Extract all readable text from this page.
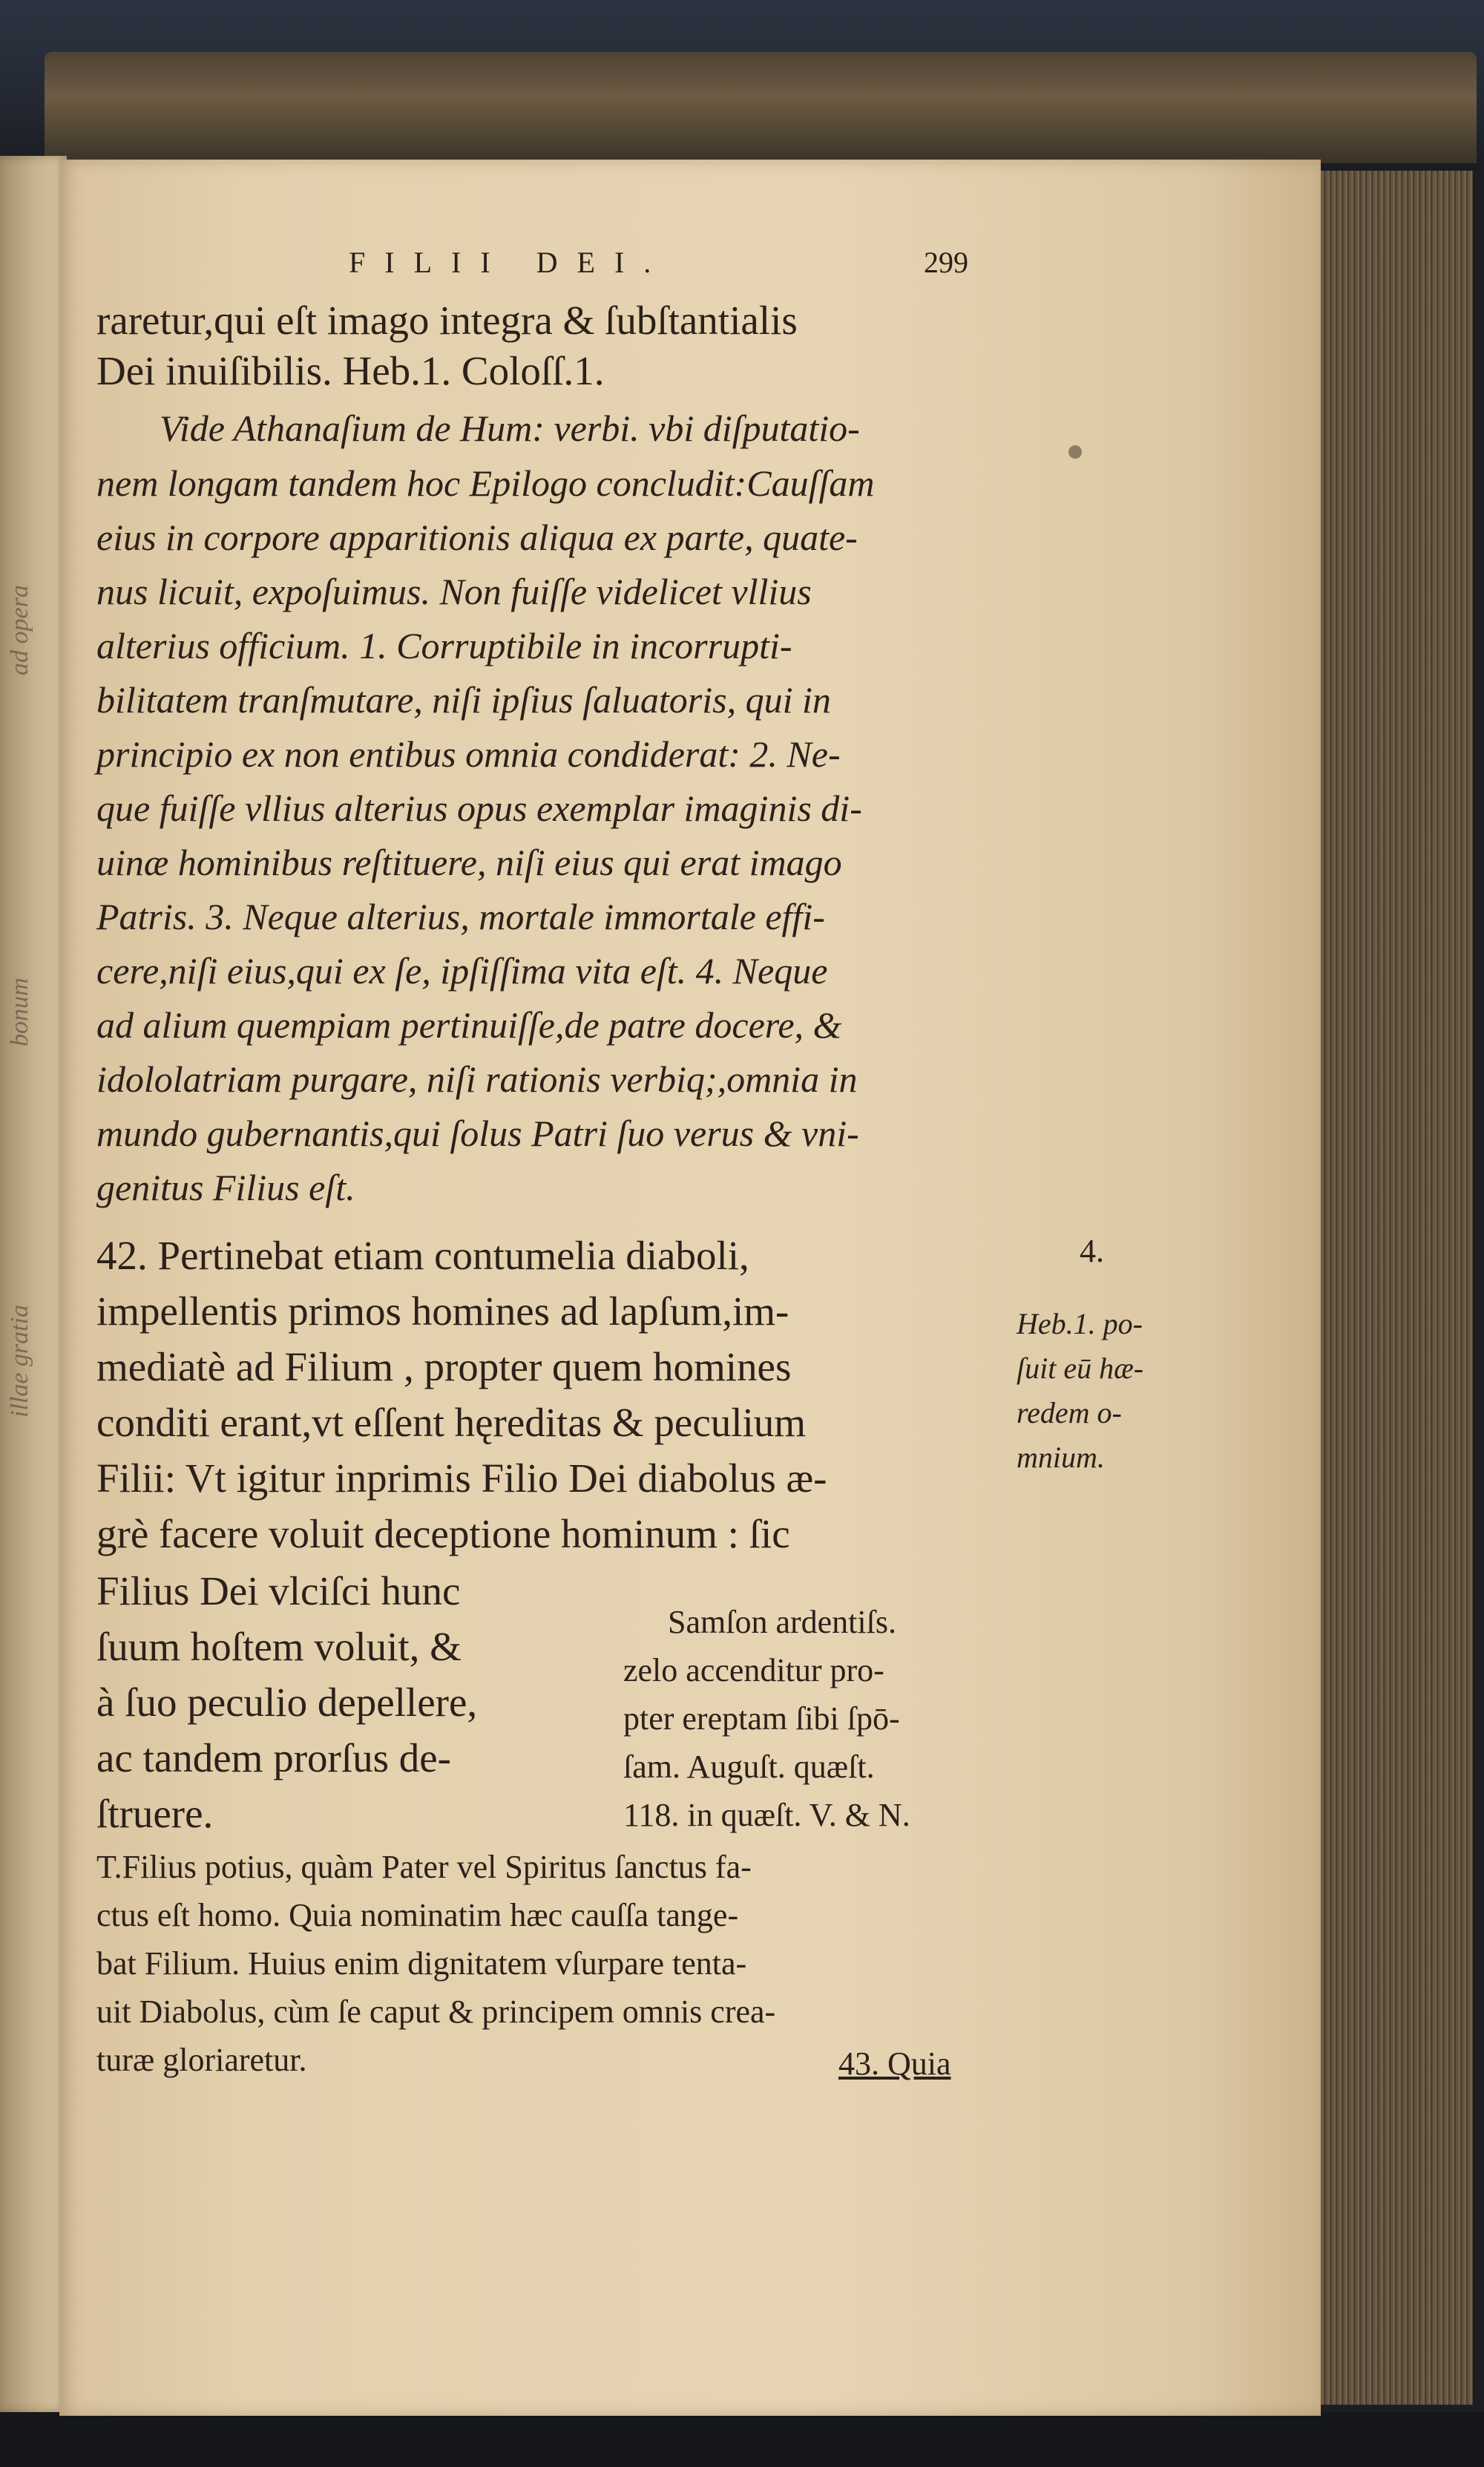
ad opera
bonum
illae gratia
FILII DEI.	299
raretur,qui eſt imago integra & ſubſtantialis
Dei inuiſibilis. Heb.1. Coloſſ.1.
Vide Athanaſium de Hum: verbi. vbi diſputatio-
nem longam tandem hoc Epilogo concludit:Cauſſam
eius in corpore apparitionis aliqua ex parte, quate-
nus licuit, expoſuimus. Non fuiſſe videlicet vllius
alterius officium. 1. Corruptibile in incorrupti-
bilitatem tranſmutare, niſi ipſius ſaluatoris, qui in
principio ex non entibus omnia condiderat: 2. Ne-
que fuiſſe vllius alterius opus exemplar imaginis di-
uinæ hominibus reſtituere, niſi eius qui erat imago
Patris. 3. Neque alterius, mortale immortale effi-
cere,niſi eius,qui ex ſe, ipſiſſima vita eſt. 4. Neque
ad alium quempiam pertinuiſſe,de patre docere, &
idololatriam purgare, niſi rationis verbiq;,omnia in
mundo gubernantis,qui ſolus Patri ſuo verus & vni-
genitus Filius eſt.
42. Pertinebat etiam contumelia diaboli,
impellentis primos homines ad lapſum,im-
mediatè ad Filium , propter quem homines
conditi erant,vt eſſent hęreditas & peculium
Filii: Vt igitur inprimis Filio Dei diabolus æ-
grè facere voluit deceptione hominum : ſic
Filius Dei vlciſci hunc
ſuum hoſtem voluit, &
à ſuo peculio depellere,
ac tandem prorſus de-
ſtruere.
Samſon ardentiſs.
zelo accenditur pro-
pter ereptam ſibi ſpō-
ſam. Auguſt. quæſt.
118. in quæſt. V. & N.
T.Filius potius, quàm Pater vel Spiritus ſanctus fa-
ctus eſt homo. Quia nominatim hæc cauſſa tange-
bat Filium. Huius enim dignitatem vſurpare tenta-
uit Diabolus, cùm ſe caput & principem omnis crea-
turæ gloriaretur.	43. Quia
4.
Heb.1. po-
ſuit eū hæ-
redem o-
mnium.
